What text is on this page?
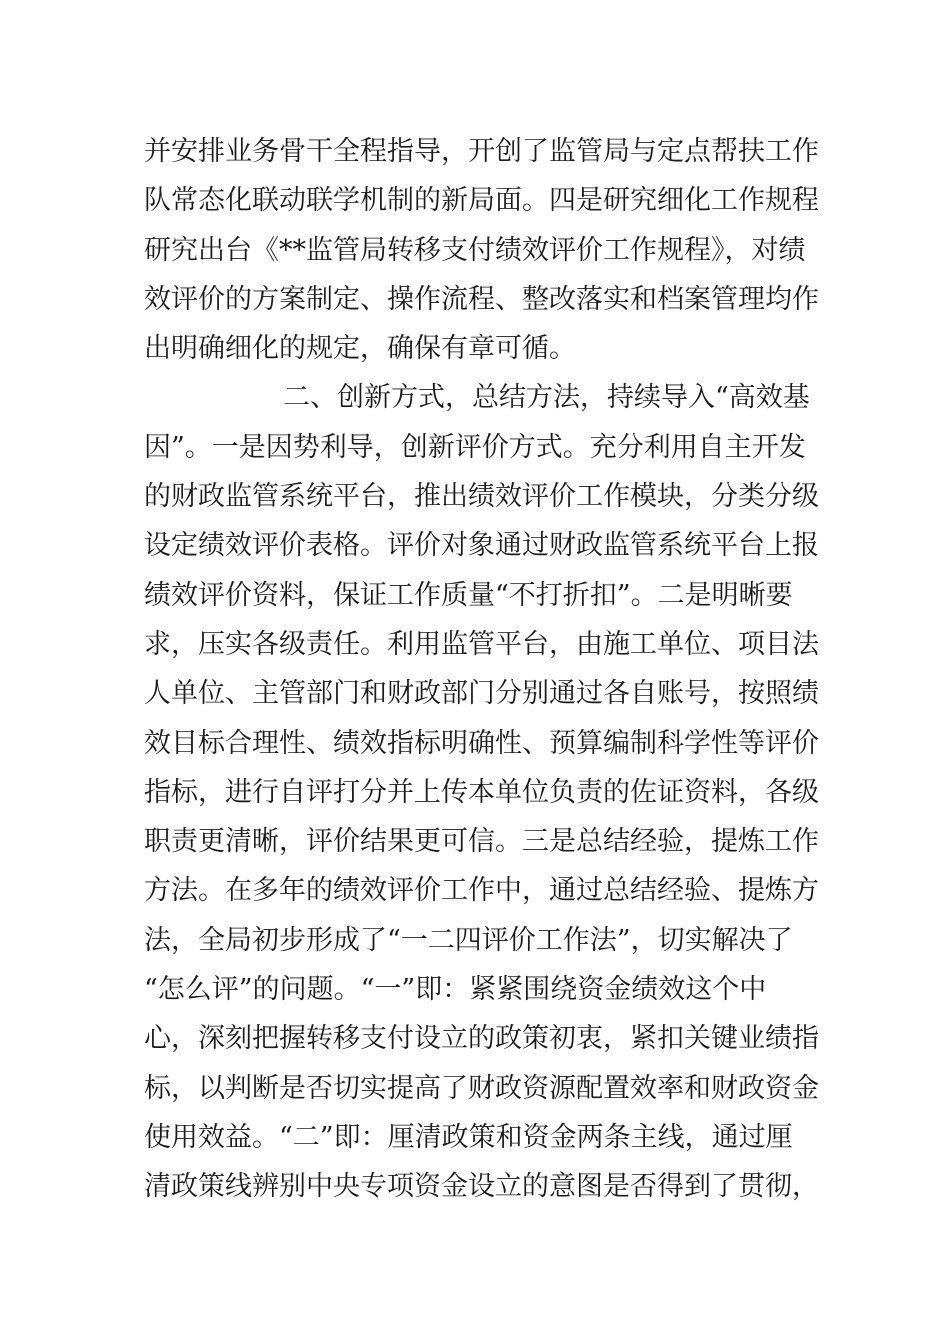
并安排业务骨干全程指导，开创了监管局与定点帮扶工作
队常态化联动联学机制的新局面。四是研究细化工作规程
研究出台《**监管局转移支付绩效评价工作规程》，对绩
效评价的方案制定、操作流程、整改落实和档案管理均作
出明确细化的规定，确保有章可循。
二、创新方式，总结方法，持续导入“高效基
因”。一是因势利导，创新评价方式。充分利用自主开发
的财政监管系统平台，推出绩效评价工作模块，分类分级
设定绩效评价表格。评价对象通过财政监管系统平台上报
绩效评价资料，保证工作质量“不打折扣”。二是明晰要
求，压实各级责任。利用监管平台，由施工单位、项目法
人单位、主管部门和财政部门分别通过各自账号，按照绩
效目标合理性、绩效指标明确性、预算编制科学性等评价
指标，进行自评打分并上传本单位负责的佐证资料，各级
职责更清晰，评价结果更可信。三是总结经验，提炼工作
方法。在多年的绩效评价工作中，通过总结经验、提炼方
法，全局初步形成了“一二四评价工作法”，切实解决了
“怎么评”的问题。“一”即：紧紧围绕资金绩效这个中
心，深刻把握转移支付设立的政策初衷，紧扣关键业绩指
标，以判断是否切实提高了财政资源配置效率和财政资金
使用效益。“二”即：厘清政策和资金两条主线，通过厘
清政策线辨别中央专项资金设立的意图是否得到了贯彻，
